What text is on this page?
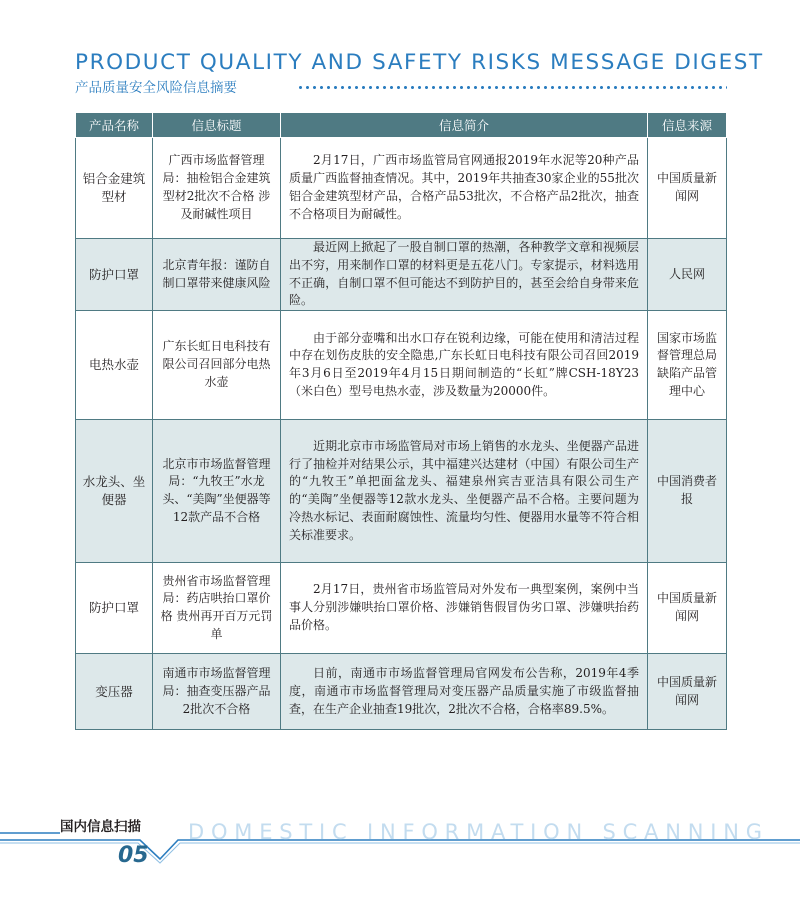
PRODUCT QUALITY AND SAFETY RISKS MESSAGE DIGEST
产品质量安全风险信息摘要
产品名称	信息标题	信息简介	信息来源
铝合金建筑型材	广西市场监督管理局：抽检铝合金建筑型材2批次不合格 涉及耐碱性项目	2月17日，广西市场监管局官网通报2019年水泥等20种产品质量广西监督抽查情况。其中，2019年共抽查30家企业的55批次铝合金建筑型材产品，合格产品53批次，不合格产品2批次，抽查不合格项目为耐碱性。	中国质量新闻网
防护口罩	北京青年报：谨防自制口罩带来健康风险	最近网上掀起了一股自制口罩的热潮，各种教学文章和视频层出不穷，用来制作口罩的材料更是五花八门。专家提示，材料选用不正确，自制口罩不但可能达不到防护目的，甚至会给自身带来危险。	人民网
电热水壶	广东长虹日电科技有限公司召回部分电热水壶	由于部分壶嘴和出水口存在锐利边缘，可能在使用和清洁过程中存在划伤皮肤的安全隐患,广东长虹日电科技有限公司召回2019年3月6日至2019年4月15日期间制造的“长虹”牌CSH-18Y23（米白色）型号电热水壶，涉及数量为20000件。	国家市场监督管理总局缺陷产品管理中心
水龙头、坐便器	北京市市场监督管理局：“九牧王”水龙头、“美陶”坐便器等12款产品不合格	近期北京市市场监管局对市场上销售的水龙头、坐便器产品进行了抽检并对结果公示，其中福建兴达建材（中国）有限公司生产的“九牧王”单把面盆龙头、福建泉州宾吉亚洁具有限公司生产的“美陶”坐便器等12款水龙头、坐便器产品不合格。主要问题为冷热水标记、表面耐腐蚀性、流量均匀性、便器用水量等不符合相关标准要求。	中国消费者报
防护口罩	贵州省市场监督管理局：药店哄抬口罩价格 贵州再开百万元罚单	2月17日，贵州省市场监管局对外发布一典型案例，案例中当事人分别涉嫌哄抬口罩价格、涉嫌销售假冒伪劣口罩、涉嫌哄抬药品价格。	中国质量新闻网
变压器	南通市市场监督管理局：抽查变压器产品2批次不合格	日前，南通市市场监督管理局官网发布公告称，2019年4季度，南通市市场监督管理局对变压器产品质量实施了市级监督抽查，在生产企业抽查19批次，2批次不合格，合格率89.5%。	中国质量新闻网
国内信息扫描 DOMESTIC INFORMATION SCANNING
05
